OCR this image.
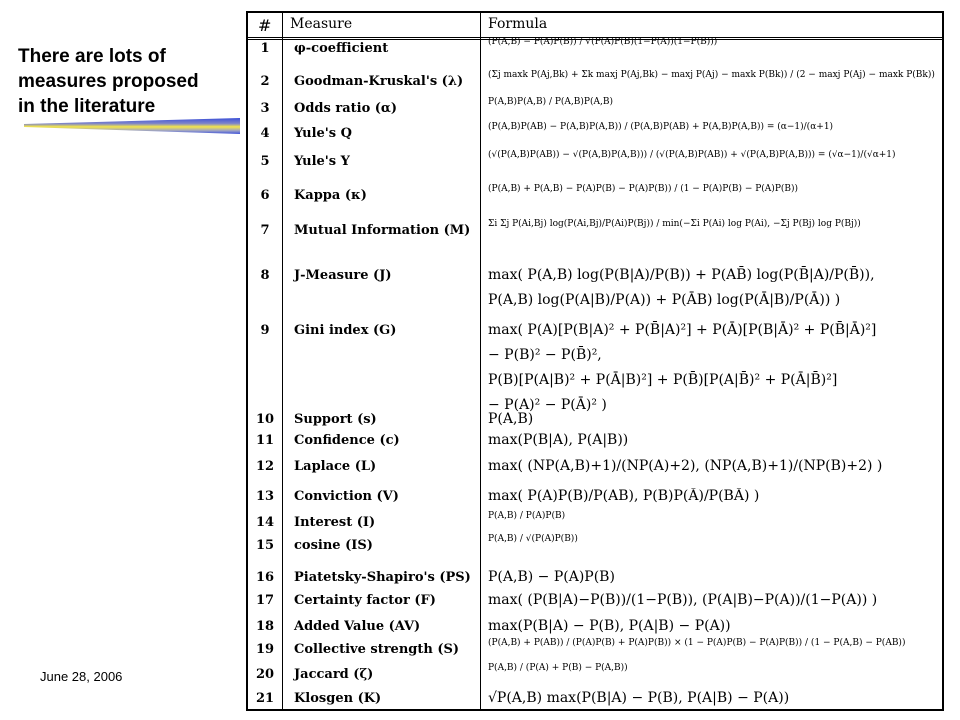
There are lots of
measures proposed
in the literature
June 28, 2006
# Measure	Formula
1	φ-coefficient	(P(A,B) − P(A)P(B)) / √(P(A)P(B)(1−P(A))(1−P(B)))
2	Goodman-Kruskal's (λ)	(Σj maxk P(Aj,Bk) + Σk maxj P(Aj,Bk) − maxj P(Aj) − maxk P(Bk)) / (2 − maxj P(Aj) − maxk P(Bk))
3	Odds ratio (α)	P(A,B)P(Ā,B̄) / P(A,B̄)P(Ā,B)
4	Yule's Q	(P(A,B)P(ĀB̄) − P(A,B̄)P(Ā,B)) / (P(A,B)P(ĀB̄) + P(A,B̄)P(Ā,B)) = (α−1)/(α+1)
5	Yule's Y	(√(P(A,B)P(ĀB̄)) − √(P(A,B̄)P(Ā,B))) / (√(P(A,B)P(ĀB̄)) + √(P(A,B̄)P(Ā,B))) = (√α−1)/(√α+1)
6	Kappa (κ)	(P(A,B) + P(Ā,B̄) − P(A)P(B) − P(Ā)P(B̄)) / (1 − P(A)P(B) − P(Ā)P(B̄))
7	Mutual Information (M) Σi Σj P(Ai,Bj) log(P(Ai,Bj)/P(Ai)P(Bj)) / min(−Σi P(Ai) log P(Ai), −Σj P(Bj) log P(Bj))
8	J-Measure (J)	max( P(A,B) log(P(B|A)/P(B)) + P(AB̄) log(P(B̄|A)/P(B̄)),
P(A,B) log(P(A|B)/P(A)) + P(ĀB) log(P(Ā|B)/P(Ā)) )
9	Gini index (G)	max( P(A)[P(B|A)² + P(B̄|A)²] + P(Ā)[P(B|Ā)² + P(B̄|Ā)²]
− P(B)² − P(B̄)²,
P(B)[P(A|B)² + P(Ā|B)²] + P(B̄)[P(A|B̄)² + P(Ā|B̄)²]
− P(A)² − P(Ā)² )
10	Support (s)	P(A,B)
11	Confidence (c)	max(P(B|A), P(A|B))
12	Laplace (L)	max( (NP(A,B)+1)/(NP(A)+2), (NP(A,B)+1)/(NP(B)+2) )
13	Conviction (V)	max( P(A)P(B̄)/P(AB̄), P(B)P(Ā)/P(BĀ) )
14	Interest (I)	P(A,B) / P(A)P(B)
15	cosine (IS)	P(A,B) / √(P(A)P(B))
16	Piatetsky-Shapiro's (PS) P(A,B) − P(A)P(B)
17	Certainty factor (F)	max( (P(B|A)−P(B))/(1−P(B)), (P(A|B)−P(A))/(1−P(A)) )
18	Added Value (AV)	max(P(B|A) − P(B), P(A|B) − P(A))
19	Collective strength (S)	(P(A,B) + P(ĀB̄)) / (P(A)P(B) + P(Ā)P(B̄)) × (1 − P(A)P(B) − P(Ā)P(B̄)) / (1 − P(A,B) − P(ĀB̄))
20	Jaccard (ζ)	P(A,B) / (P(A) + P(B) − P(A,B))
21	Klosgen (K)	√P(A,B) max(P(B|A) − P(B), P(A|B) − P(A))
